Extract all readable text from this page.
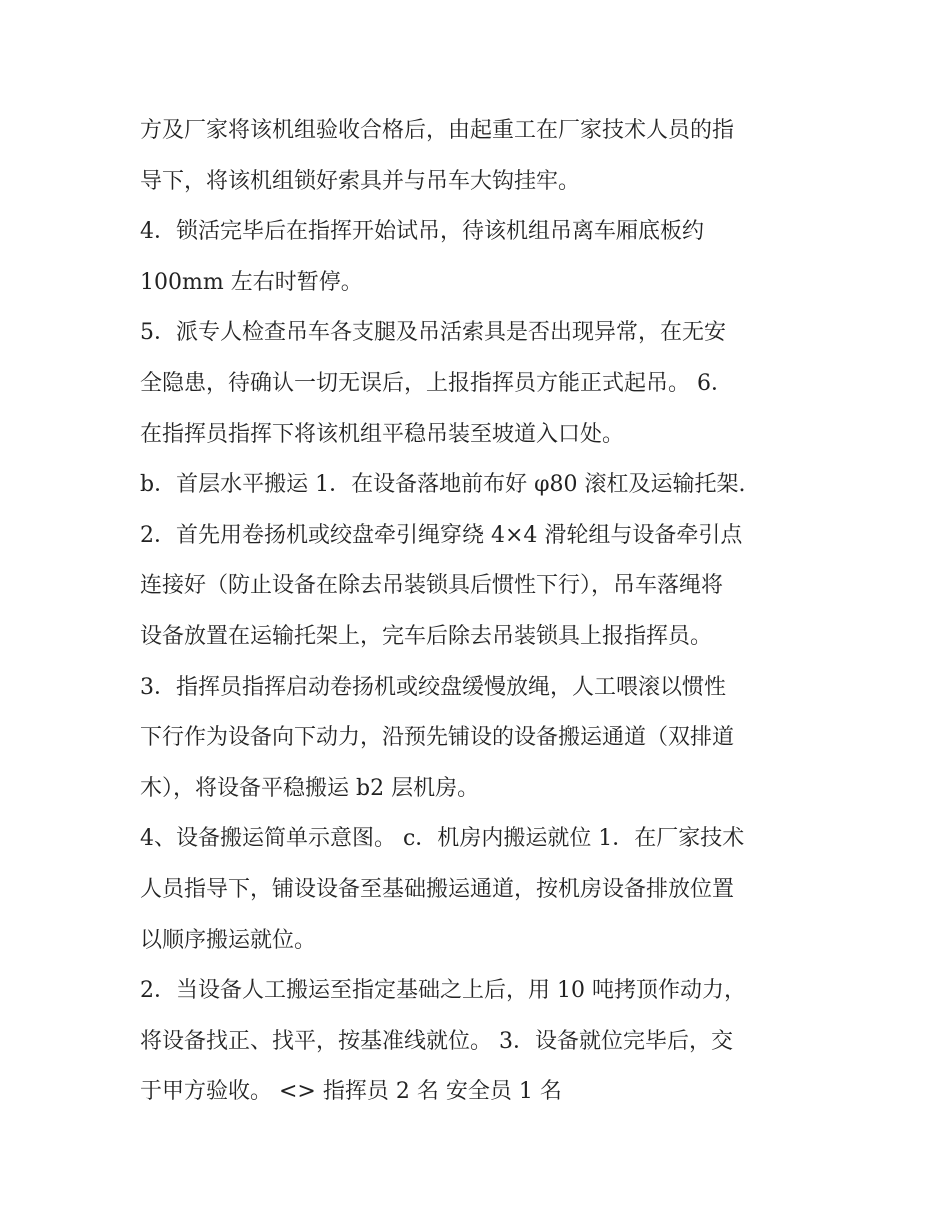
方及厂家将该机组验收合格后，由起重工在厂家技术人员的指
导下，将该机组锁好索具并与吊车大钩挂牢。
4．锁活完毕后在指挥开始试吊，待该机组吊离车厢底板约
100mm 左右时暂停。
5．派专人检查吊车各支腿及吊活索具是否出现异常，在无安
全隐患，待确认一切无误后，上报指挥员方能正式起吊。 6．
在指挥员指挥下将该机组平稳吊装至坡道入口处。
b．首层水平搬运 1．在设备落地前布好 φ80 滚杠及运输托架.
2．首先用卷扬机或绞盘牵引绳穿绕 4×4 滑轮组与设备牵引点
连接好（防止设备在除去吊装锁具后惯性下行），吊车落绳将
设备放置在运输托架上，完车后除去吊装锁具上报指挥员。
3．指挥员指挥启动卷扬机或绞盘缓慢放绳，人工喂滚以惯性
下行作为设备向下动力，沿预先铺设的设备搬运通道（双排道
木），将设备平稳搬运 b2 层机房。
4、设备搬运简单示意图。 c．机房内搬运就位 1．在厂家技术
人员指导下，铺设设备至基础搬运通道，按机房设备排放位置
以顺序搬运就位。
2．当设备人工搬运至指定基础之上后，用 10 吨拷顶作动力，
将设备找正、找平，按基准线就位。 3．设备就位完毕后，交
于甲方验收。 <> 指挥员 2 名 安全员 1 名
